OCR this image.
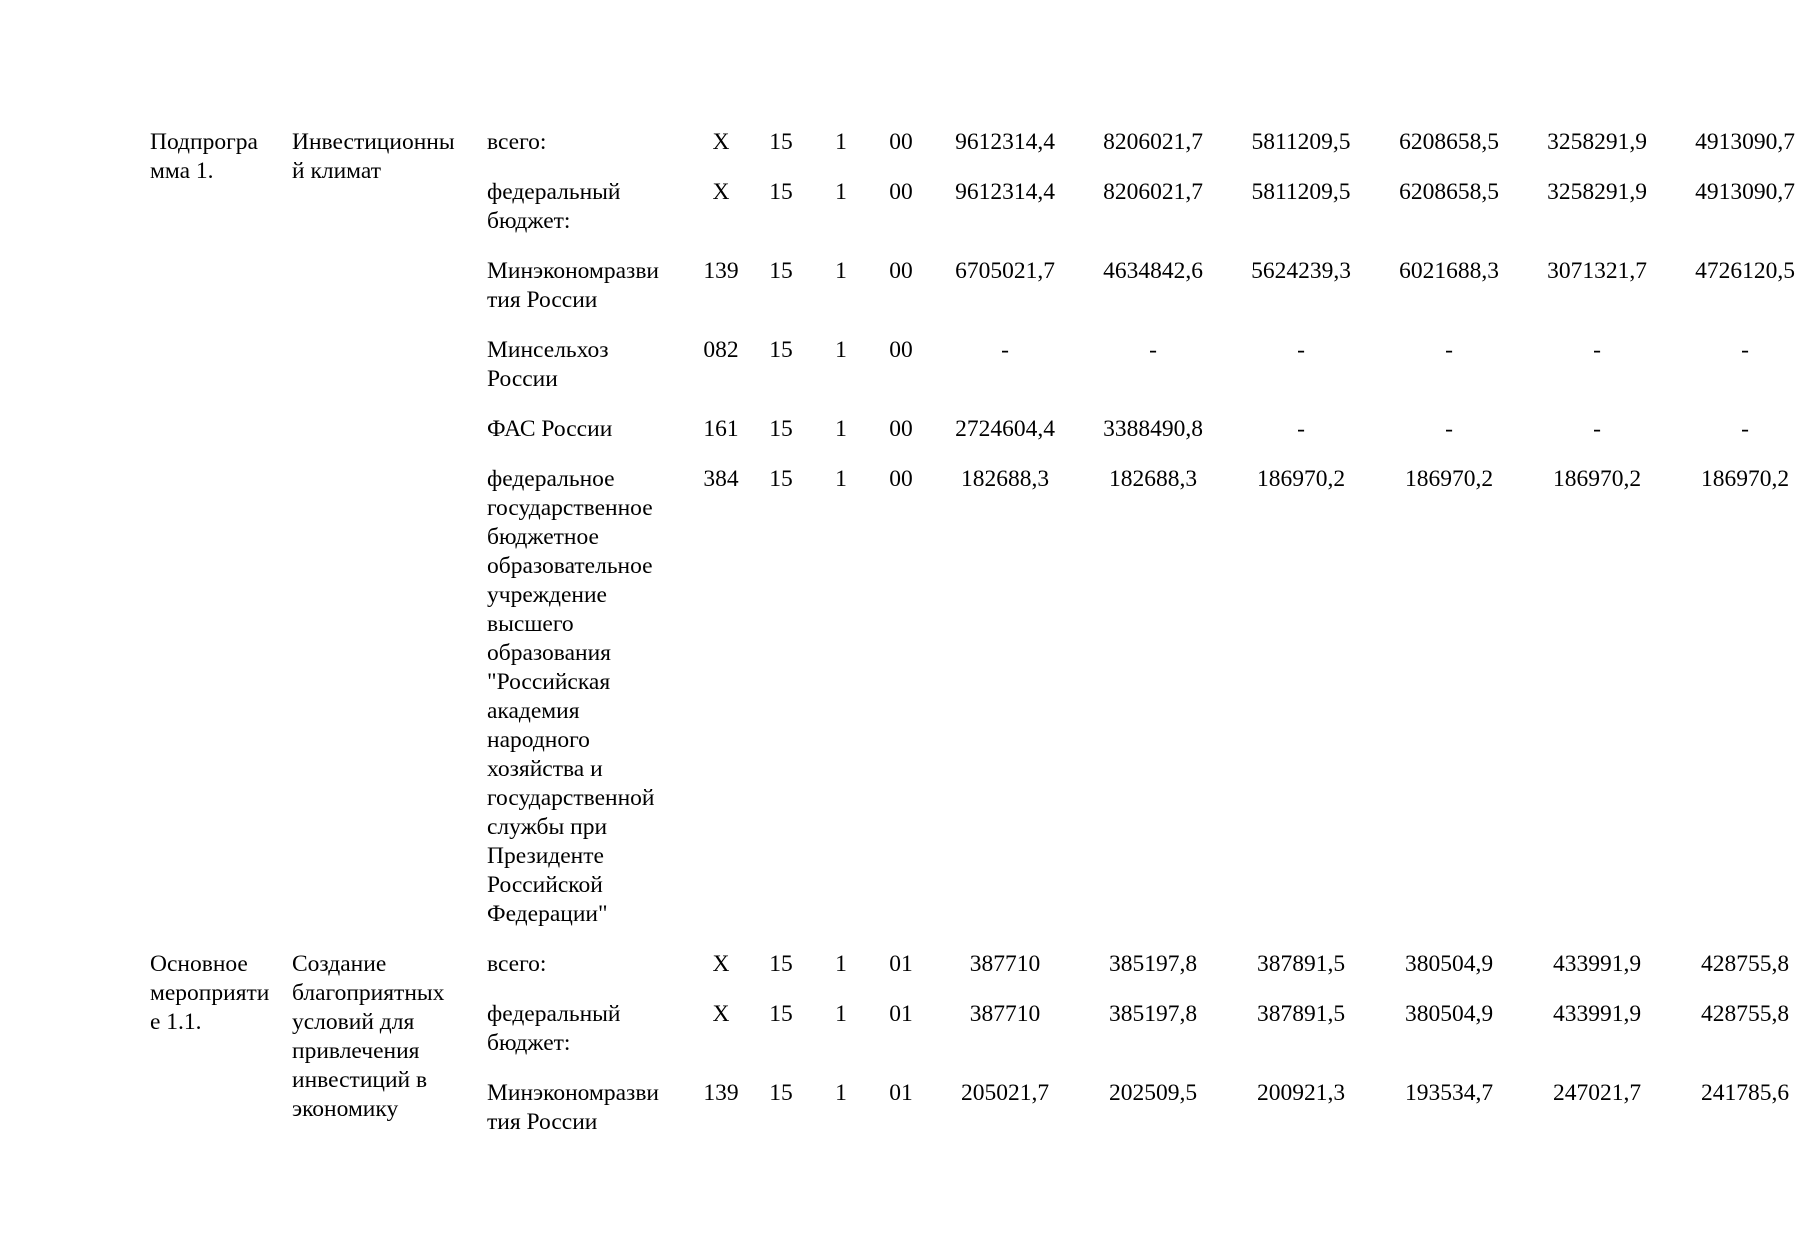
Подпрогра мма 1.	Инвестиционны й климат	всего:	X	15	1	00	9612314,4	8206021,7	5811209,5	6208658,5	3258291,9	4913090,7
		федеральный бюджет:	X	15	1	00	9612314,4	8206021,7	5811209,5	6208658,5	3258291,9	4913090,7
		Минэкономразви тия России	139	15	1	00	6705021,7	4634842,6	5624239,3	6021688,3	3071321,7	4726120,5
		Минсельхоз России	082	15	1	00	-	-	-	-	-	-
		ФАС России	161	15	1	00	2724604,4	3388490,8	-	-	-	-
		федеральное государственное бюджетное образовательное учреждение высшего образования "Российская академия народного хозяйства и государственной службы при Президенте Российской Федерации"	384	15	1	00	182688,3	182688,3	186970,2	186970,2	186970,2	186970,2
Основное мероприяти е 1.1.	Создание благоприятных условий для привлечения инвестиций в экономику	всего:	X	15	1	01	387710	385197,8	387891,5	380504,9	433991,9	428755,8
		федеральный бюджет:	X	15	1	01	387710	385197,8	387891,5	380504,9	433991,9	428755,8
		Минэкономразви тия России	139	15	1	01	205021,7	202509,5	200921,3	193534,7	247021,7	241785,6
